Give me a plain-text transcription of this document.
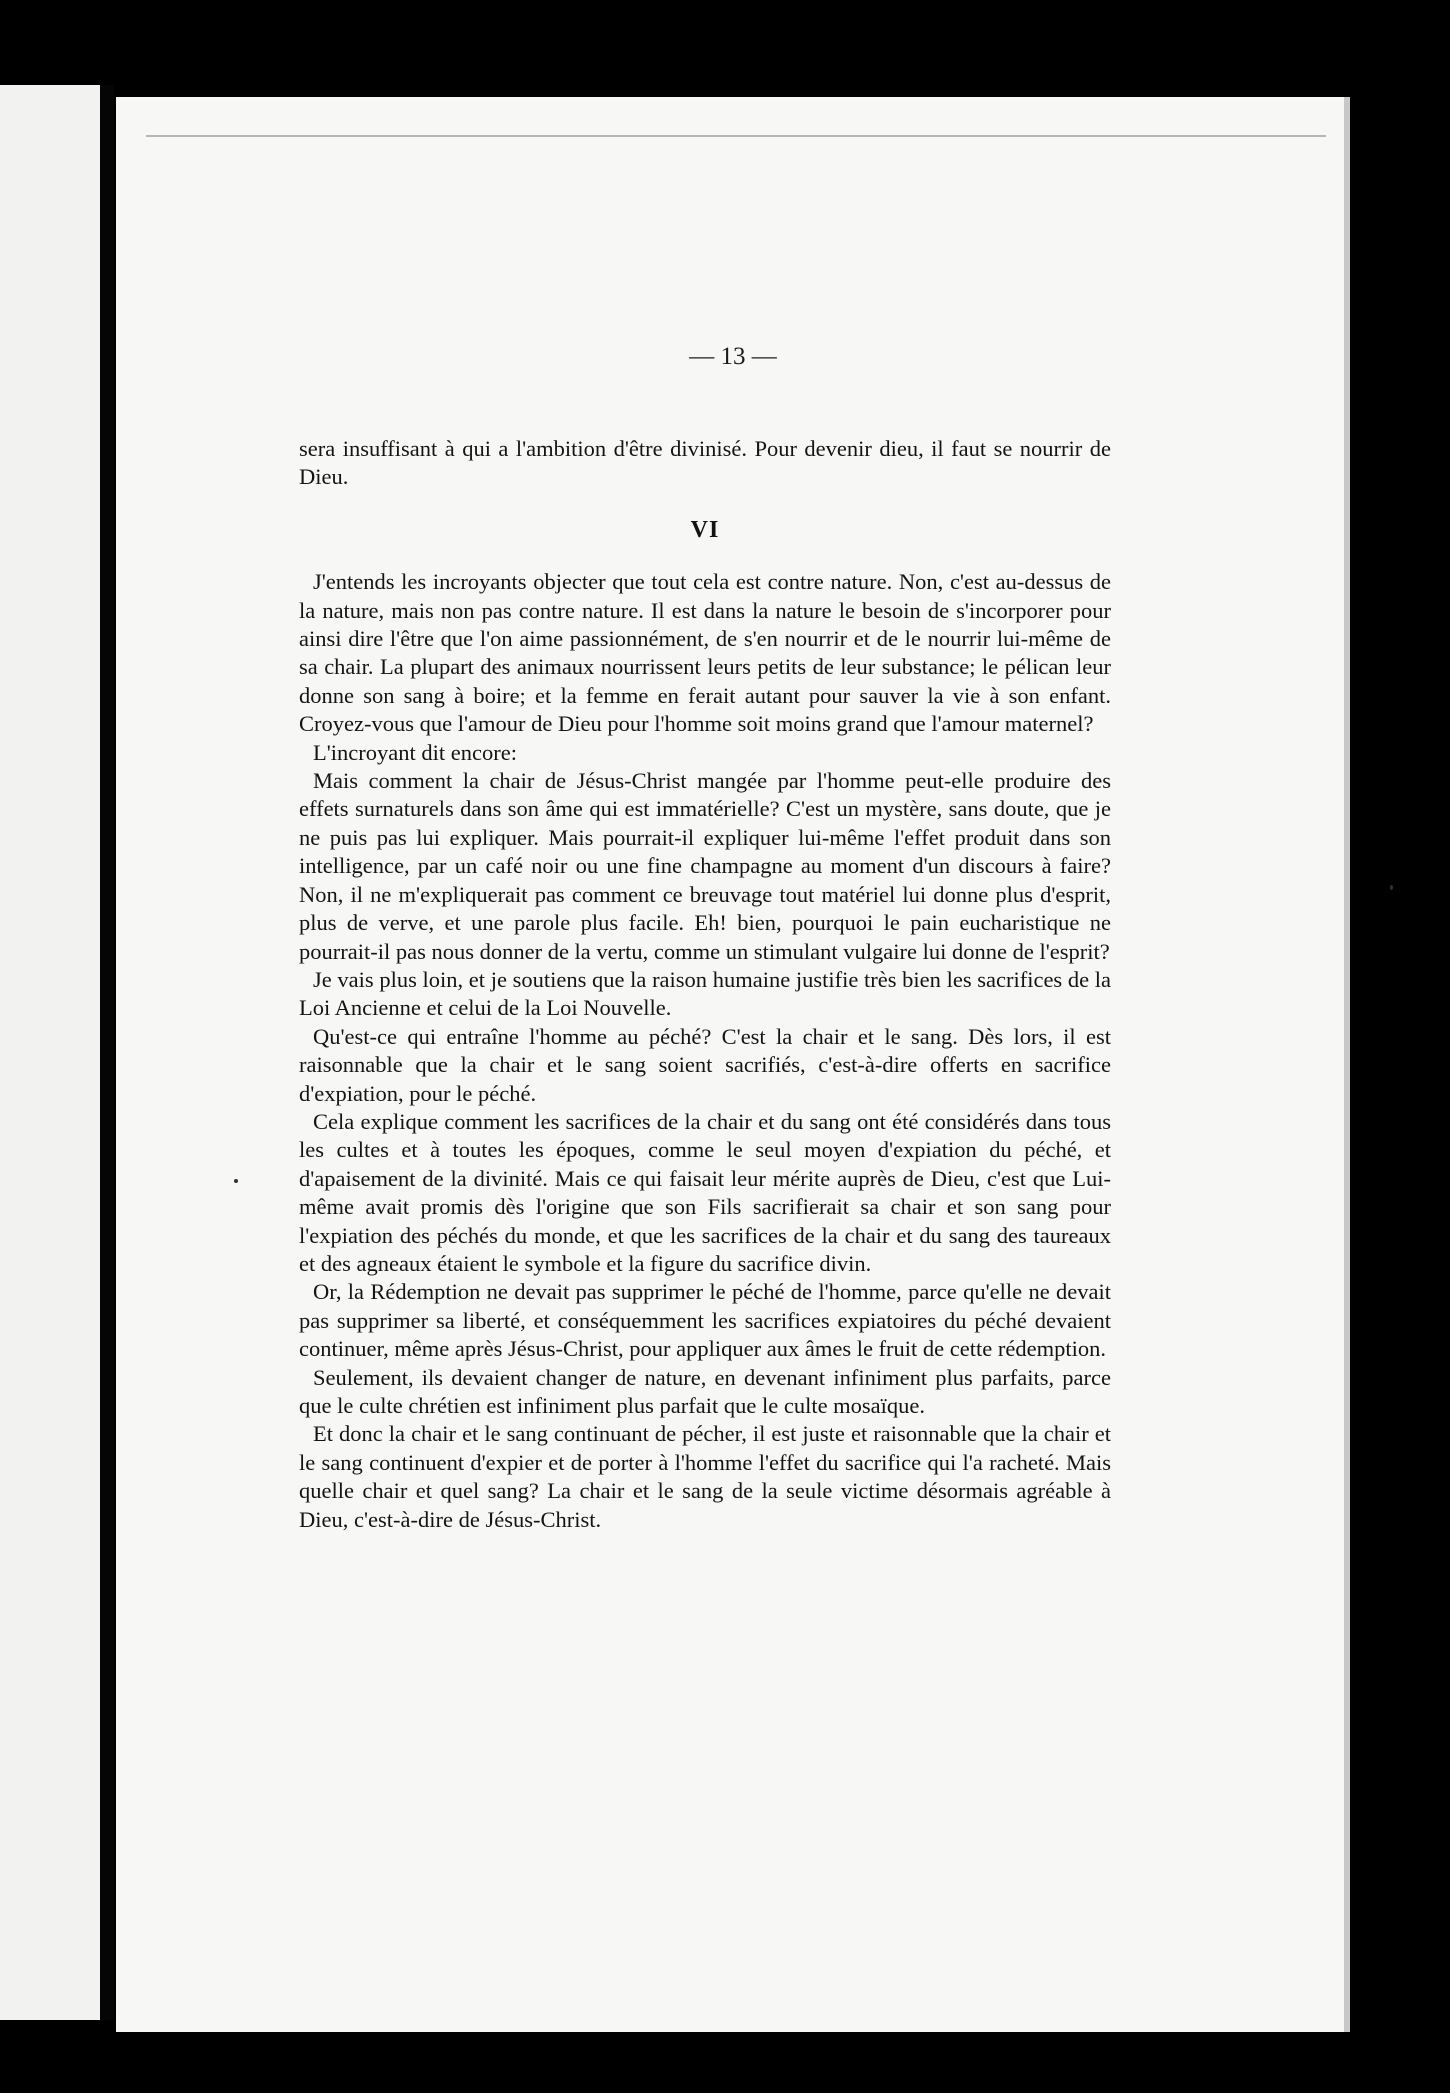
— 13 —

sera insuffisant à qui a l'ambition d'être divinisé. Pour devenir dieu, il faut se nourrir de Dieu.

VI

J'entends les incroyants objecter que tout cela est contre nature. Non, c'est au-dessus de la nature, mais non pas contre nature. Il est dans la nature le besoin de s'incorporer pour ainsi dire l'être que l'on aime passionnément, de s'en nourrir et de le nourrir lui-même de sa chair. La plupart des animaux nourrissent leurs petits de leur substance; le pélican leur donne son sang à boire; et la femme en ferait autant pour sauver la vie à son enfant. Croyez-vous que l'amour de Dieu pour l'homme soit moins grand que l'amour maternel?

L'incroyant dit encore:

Mais comment la chair de Jésus-Christ mangée par l'homme peut-elle produire des effets surnaturels dans son âme qui est immatérielle? C'est un mystère, sans doute, que je ne puis pas lui expliquer. Mais pourrait-il expliquer lui-même l'effet produit dans son intelligence, par un café noir ou une fine champagne au moment d'un discours à faire? Non, il ne m'expliquerait pas comment ce breuvage tout matériel lui donne plus d'esprit, plus de verve, et une parole plus facile. Eh! bien, pourquoi le pain eucharistique ne pourrait-il pas nous donner de la vertu, comme un stimulant vulgaire lui donne de l'esprit?

Je vais plus loin, et je soutiens que la raison humaine justifie très bien les sacrifices de la Loi Ancienne et celui de la Loi Nouvelle.

Qu'est-ce qui entraîne l'homme au péché? C'est la chair et le sang. Dès lors, il est raisonnable que la chair et le sang soient sacrifiés, c'est-à-dire offerts en sacrifice d'expiation, pour le péché.

Cela explique comment les sacrifices de la chair et du sang ont été considérés dans tous les cultes et à toutes les époques, comme le seul moyen d'expiation du péché, et d'apaisement de la divinité. Mais ce qui faisait leur mérite auprès de Dieu, c'est que Lui-même avait promis dès l'origine que son Fils sacrifierait sa chair et son sang pour l'expiation des péchés du monde, et que les sacrifices de la chair et du sang des taureaux et des agneaux étaient le symbole et la figure du sacrifice divin.

Or, la Rédemption ne devait pas supprimer le péché de l'homme, parce qu'elle ne devait pas supprimer sa liberté, et conséquemment les sacrifices expiatoires du péché devaient continuer, même après Jésus-Christ, pour appliquer aux âmes le fruit de cette rédemption.

Seulement, ils devaient changer de nature, en devenant infiniment plus parfaits, parce que le culte chrétien est infiniment plus parfait que le culte mosaïque.

Et donc la chair et le sang continuant de pécher, il est juste et raisonnable que la chair et le sang continuent d'expier et de porter à l'homme l'effet du sacrifice qui l'a racheté. Mais quelle chair et quel sang? La chair et le sang de la seule victime désormais agréable à Dieu, c'est-à-dire de Jésus-Christ.
